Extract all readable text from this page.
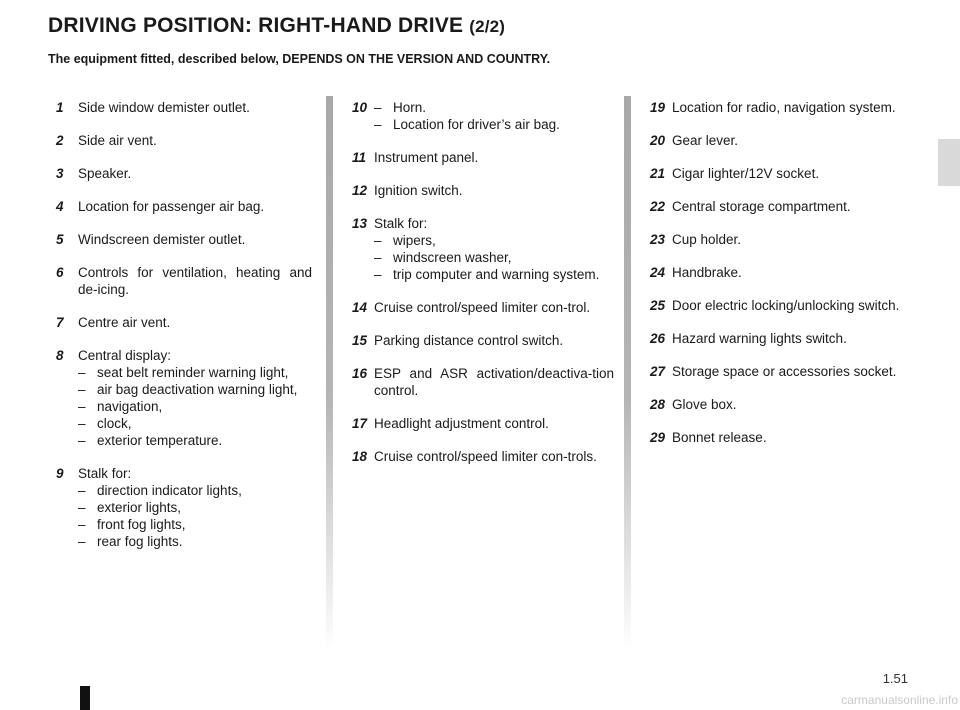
DRIVING POSITION: RIGHT-HAND DRIVE (2/2)
The equipment fitted, described below, DEPENDS ON THE VERSION AND COUNTRY.
1 Side window demister outlet.
2 Side air vent.
3 Speaker.
4 Location for passenger air bag.
5 Windscreen demister outlet.
6 Controls for ventilation, heating and de-icing.
7 Centre air vent.
8 Central display:
– seat belt reminder warning light,
– air bag deactivation warning light,
– navigation,
– clock,
– exterior temperature.
9 Stalk for:
– direction indicator lights,
– exterior lights,
– front fog lights,
– rear fog lights.
10
–	Horn.
– Location for driver’s air bag.
11 Instrument panel.
12 Ignition switch.
13 Stalk for:
– wipers,
– windscreen washer,
– trip computer and warning system.
14 Cruise control/speed limiter con-trol.
15 Parking distance control switch.
16 ESP and ASR activation/deactiva-tion control.
17 Headlight adjustment control.
18 Cruise control/speed limiter con-trols.
19 Location for radio, navigation system.
20 Gear lever.
21 Cigar lighter/12V socket.
22 Central storage compartment.
23 Cup holder.
24 Handbrake.
25 Door electric locking/unlocking switch.
26 Hazard warning lights switch.
27 Storage space or accessories socket.
28 Glove box.
29 Bonnet release.
1.51
carmanualsonline.info
